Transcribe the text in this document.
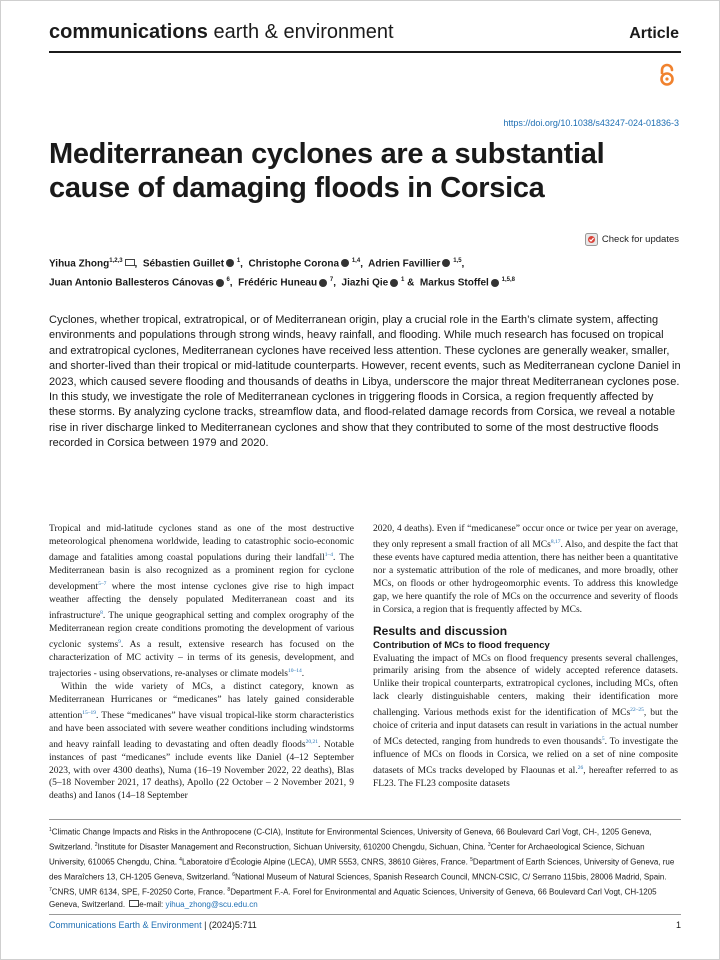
communications earth & environment	Article
https://doi.org/10.1038/s43247-024-01836-3
Mediterranean cyclones are a substantial cause of damaging floods in Corsica
Check for updates
Yihua Zhong$^{1,2,3}$ ,  Sébastien Guillet $^1$,  Christophe Corona $^{1,4}$,  Adrien Favillier $^{1,5}$,
Juan Antonio Ballesteros Cánovas $^6$,  Frédéric Huneau $^7$,  Jiazhi Qie $^1$ & Markus Stoffel $^{1,5,8}$

Cyclones, whether tropical, extratropical, or of Mediterranean origin, play a crucial role in the Earth’s climate system, affecting environments and populations through strong winds, heavy rainfall, and flooding. While much research has focused on tropical and extratropical cyclones, Mediterranean cyclones have received less attention. These cyclones are generally weaker, smaller, and shorter-lived than their tropical or mid-latitude counterparts. However, recent events, such as Mediterranean cyclone Daniel in 2023, which caused severe flooding and thousands of deaths in Libya, underscore the major threat Mediterranean cyclones pose. In this study, we investigate the role of Mediterranean cyclones in triggering floods in Corsica, a region frequently affected by these storms. By analyzing cyclone tracks, streamflow data, and flood-related damage records from Corsica, we reveal a notable rise in river discharge linked to Mediterranean cyclones and show that they contributed to some of the most destructive floods recorded in Corsica between 1979 and 2020.

Tropical and mid-latitude cyclones stand as one of the most destructive meteorological phenomena worldwide, leading to catastrophic socio-economic damage and fatalities among coastal populations during their landfall$^{1-4}$. The Mediterranean basin is also recognized as a prominent region for cyclone development$^{5-7}$ where the most intense cyclones give rise to high impact weather affecting the densely populated Mediterranean coast and its infrastructure$^8$. The unique geographical setting and complex orography of the Mediterranean region create conditions promoting the development of various cyclonic systems$^9$. As a result, extensive research has focused on the characterization of MC activity – in terms of its genesis, development, and trajectories - using observations, re-analyses or climate models$^{10-14}$.

Within the wide variety of MCs, a distinct category, known as Mediterranean Hurricanes or “medicanes” has lately gained considerable attention$^{15-19}$. These “medicanes” have visual tropical-like storm characteristics and have been associated with severe weather conditions including windstorms and heavy rainfall leading to devastating and often deadly floods$^{20,21}$. Notable instances of past “medicanes” include events like Daniel (4–12 September 2023, with over 4300 deaths), Numa (16–19 November 2022, 22 deaths), Blas (5–18 November 2021, 17 deaths), Apollo (22 October – 2 November 2021, 9 deaths) and Ianos (14–18 September

2020, 4 deaths). Even if “medicanese” occur once or twice per year on average, they only represent a small fraction of all MCs$^{8,17}$. Also, and despite the fact that these events have captured media attention, there has neither been a quantitative nor a systematic attribution of the role of medicanes, and more broadly, other MCs, on floods or other hydrogeomorphic events. To address this knowledge gap, we here quantify the role of MCs on the occurrence and severity of floods in Corsica, a region that is frequently affected by MCs.

Results and discussion
Contribution of MCs to flood frequency

Evaluating the impact of MCs on flood frequency presents several challenges, primarily arising from the absence of widely accepted reference datasets. Unlike their tropical counterparts, extratropical cyclones, including MCs, often lack clearly distinguishable centers, making their identification more challenging. Various methods exist for the identification of MCs$^{22-25}$, but the choice of criteria and input datasets can result in variations in the actual number of MCs detected, ranging from hundreds to even thousands$^5$. To investigate the influence of MCs on floods in Corsica, we relied on a set of nine composite datasets of MCs tracks developed by Flaounas et al.$^{26}$, hereafter referred to as FL23. The FL23 composite datasets

$^1$Climatic Change Impacts and Risks in the Anthropocene (C-CIA), Institute for Environmental Sciences, University of Geneva, 66 Boulevard Carl Vogt, CH-, 1205 Geneva, Switzerland. $^2$Institute for Disaster Management and Reconstruction, Sichuan University, 610200 Chengdu, Sichuan, China. $^3$Center for Archaeological Science, Sichuan University, 610065 Chengdu, China. $^4$Laboratoire d’Écologie Alpine (LECA), UMR 5553, CNRS, 38610 Gières, France. $^5$Department of Earth Sciences, University of Geneva, rue des Maraîchers 13, CH-1205 Geneva, Switzerland. $^6$National Museum of Natural Sciences, Spanish Research Council, MNCN-CSIC, C/ Serrano 115bis, 28006 Madrid, Spain. $^7$CNRS, UMR 6134, SPE, F-20250 Corte, France. $^8$Department F.-A. Forel for Environmental and Aquatic Sciences, University of Geneva, 66 Boulevard Carl Vogt, CH-1205 Geneva, Switzerland. e-mail: yihua_zhong@scu.edu.cn
Communications Earth & Environment | (2024)5:711	1
